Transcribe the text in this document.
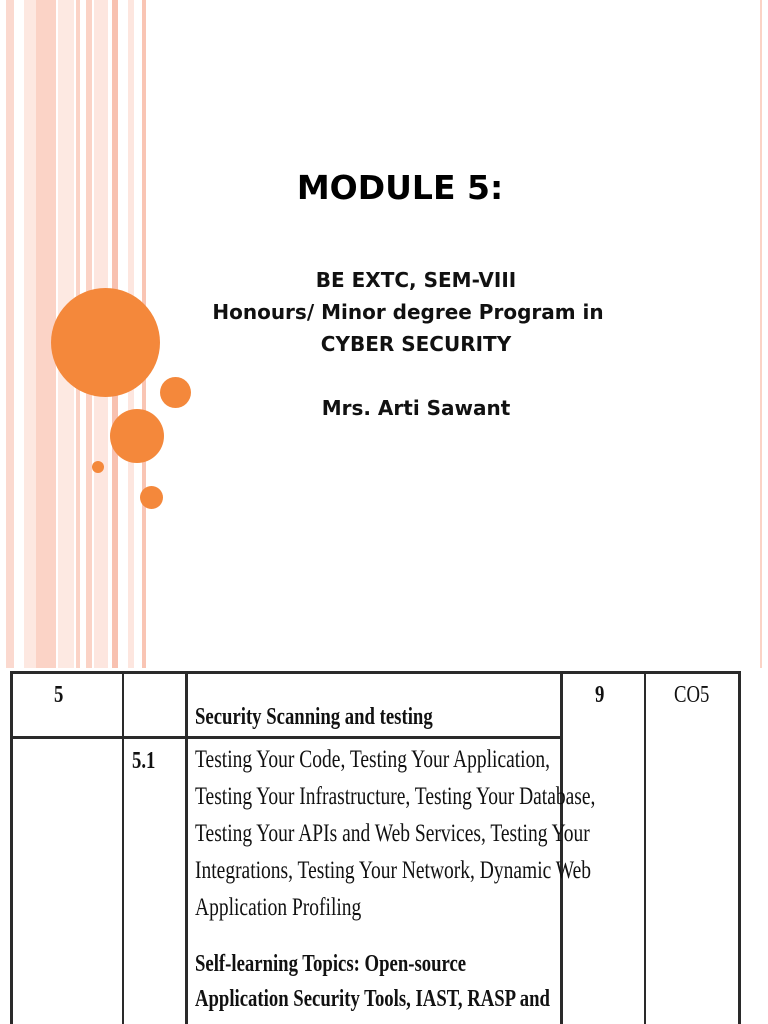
MODULE 5:
BE EXTC, SEM-VIII
Honours/ Minor degree Program in
CYBER SECURITY
Mrs. Arti Sawant
5
Security Scanning and testing
9	CO5
5.1 Testing Your Code, Testing Your Application,
Testing Your Infrastructure, Testing Your Database,
Testing Your APIs and Web Services, Testing Your
Integrations, Testing Your Network, Dynamic Web
Application Profiling
Self-learning Topics: Open-source
Application Security Tools, IAST, RASP and
